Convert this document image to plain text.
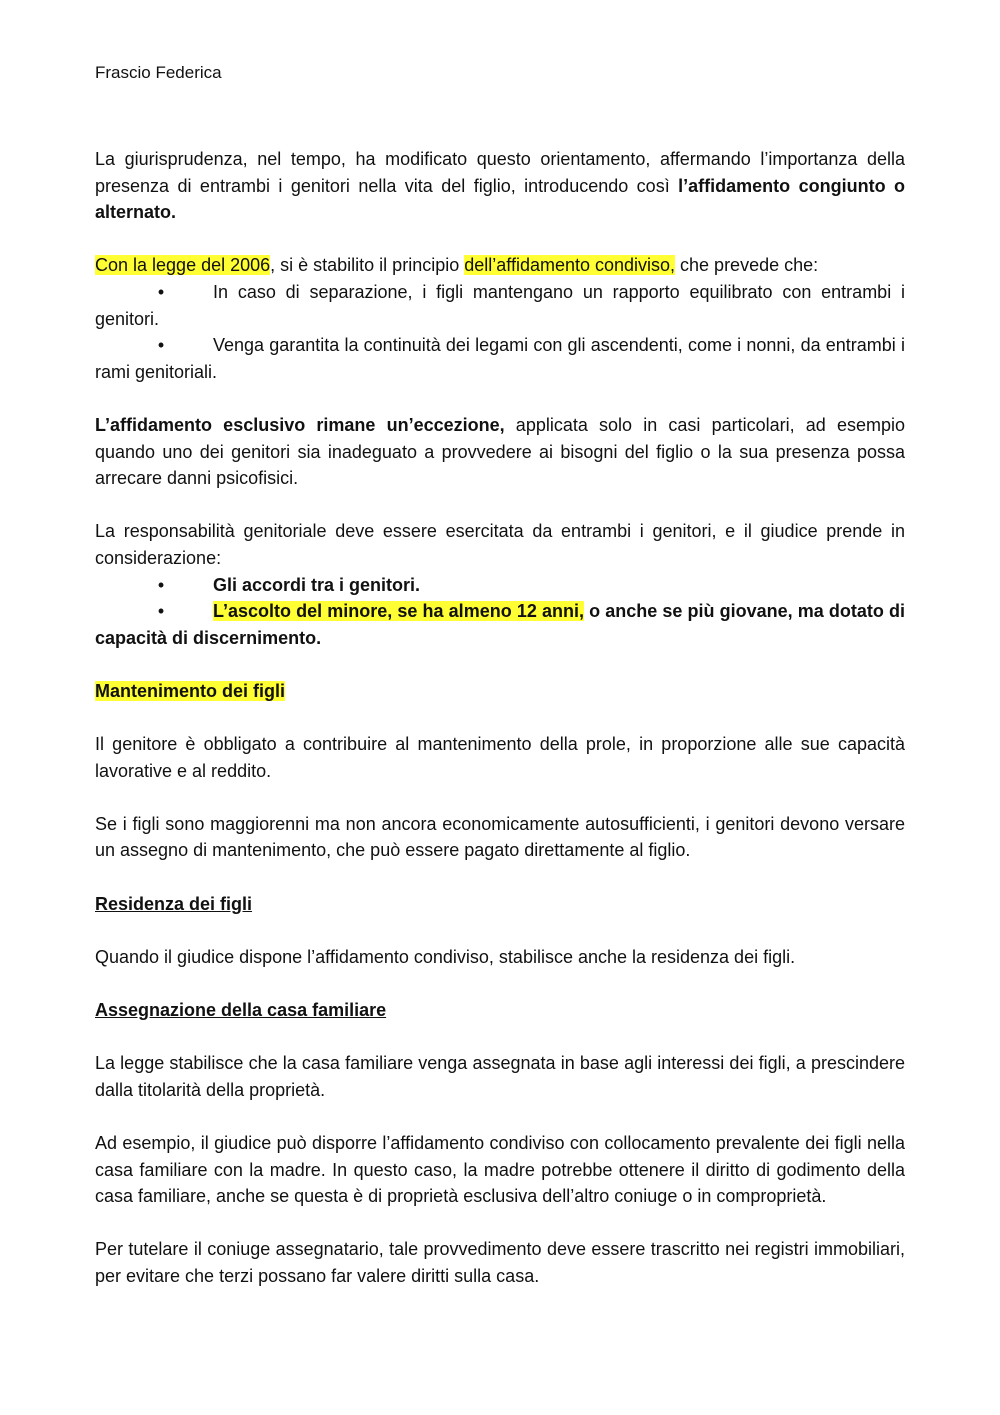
Frascio Federica

La giurisprudenza, nel tempo, ha modificato questo orientamento, affermando l’importanza della presenza di entrambi i genitori nella vita del figlio, introducendo così l’affidamento congiunto o alternato.

Con la legge del 2006, si è stabilito il principio dell’affidamento condiviso, che prevede che:

•	In caso di separazione, i figli mantengano un rapporto equilibrato con entrambi i genitori.

•	Venga garantita la continuità dei legami con gli ascendenti, come i nonni, da entrambi i rami genitoriali.

L’affidamento esclusivo rimane un’eccezione, applicata solo in casi particolari, ad esempio quando uno dei genitori sia inadeguato a provvedere ai bisogni del figlio o la sua presenza possa arrecare danni psicofisici.

La responsabilità genitoriale deve essere esercitata da entrambi i genitori, e il giudice prende in considerazione:

•	Gli accordi tra i genitori.

•	L’ascolto del minore, se ha almeno 12 anni, o anche se più giovane, ma dotato di capacità di discernimento.

Mantenimento dei figli

Il genitore è obbligato a contribuire al mantenimento della prole, in proporzione alle sue capacità lavorative e al reddito.

Se i figli sono maggiorenni ma non ancora economicamente autosufficienti, i genitori devono versare un assegno di mantenimento, che può essere pagato direttamente al figlio.

Residenza dei figli

Quando il giudice dispone l’affidamento condiviso, stabilisce anche la residenza dei figli.

Assegnazione della casa familiare

La legge stabilisce che la casa familiare venga assegnata in base agli interessi dei figli, a prescindere dalla titolarità della proprietà.

Ad esempio, il giudice può disporre l’affidamento condiviso con collocamento prevalente dei figli nella casa familiare con la madre. In questo caso, la madre potrebbe ottenere il diritto di godimento della casa familiare, anche se questa è di proprietà esclusiva dell’altro coniuge o in comproprietà.

Per tutelare il coniuge assegnatario, tale provvedimento deve essere trascritto nei registri immobiliari, per evitare che terzi possano far valere diritti sulla casa.
